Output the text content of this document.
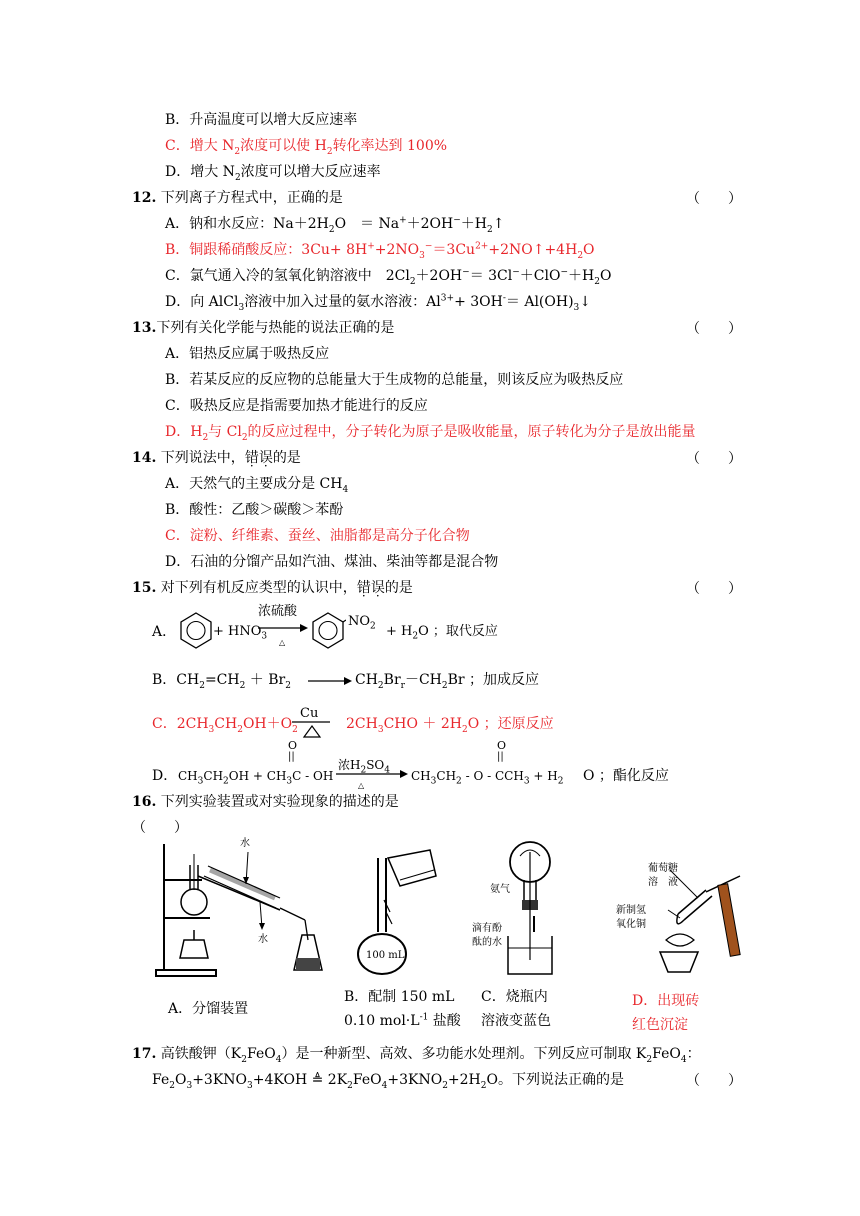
B．升高温度可以增大反应速率
C．增大 $N_2$浓度可以使 $H_2$转化率达到 100%
D．增大 $N_2$浓度可以增大反应速率
12. 下列离子方程式中，正确的是	（　　）
A．钠和水反应：$Na+2H_2O$　＝ $Na^++2OH^-+H_2↑$
B．铜跟稀硝酸反应：$3Cu+ 8H^++2NO_3^-=3Cu^{2+}+2NO↑+4H_2O$
C．氯气通入冷的氢氧化钠溶液中　$2Cl_2+2OH^-= 3Cl^-+ClO^-+H_2O$
D．向 AlCl$_3$溶液中加入过量的氨水溶液：$Al^{3+}+ 3OH^-=$ $Al(OH)_3↓$
13.下列有关化学能与热能的说法正确的是	（　　）
A．铝热反应属于吸热反应
B．若某反应的反应物的总能量大于生成物的总能量，则该反应为吸热反应
C．吸热反应是指需要加热才能进行的反应
D．$H_2$与 $Cl_2$的反应过程中，分子转化为原子是吸收能量，原子转化为分子是放出能量
14. 下列说法中，错误的是	（　　）
A．天然气的主要成分是 $CH_4$
B．酸性：乙酸＞碳酸＞苯酚
C．淀粉、纤维素、蚕丝、油脂都是高分子化合物
D．石油的分馏产品如汽油、煤油、柴油等都是混合物
15. 对下列有机反应类型的认识中，错误的是	（　　）
A．	+ $HNO_3$
浓硫酸
△
$NO_2 + H_2O$ ；取代反应
B．$CH_2=CH_2 + Br_2$	$CH_2Br_r-CH_2Br$ ；加成反应
C．$2CH_3CH_2OH+O_2$
Cu
$2CH_3CHO + 2H_2O$ ；还原反应
O
||
O
||
D． $CH_3CH_2OH + CH_3C$ - OH
浓$H_2SO_4$
△
$CH_3CH_2 - O - CCH_3 + H_2$ O ；酯化反应
16. 下列实验装置或对实验现象的描述的是
（　　）
水
水
100 mL
氨气
滴有酚
酞的水
葡萄糖
溶　液
新制氢
氧化铜
A．分馏装置
B．配制 150 mL
0.10 $mol\cdot L^{-1}$ 盐酸
C．烧瓶内
溶液变蓝色
D．出现砖
红色沉淀
17. 高铁酸钾$(K_2FeO_4)$是一种新型、高效、多功能水处理剂。下列反应可制取 $K_2FeO_4$：
$Fe_2O_3+3KNO_3+4KOH$ ≜ $2K_2FeO_4+3KNO_2+2H_2O$。下列说法正确的是	（　　）
